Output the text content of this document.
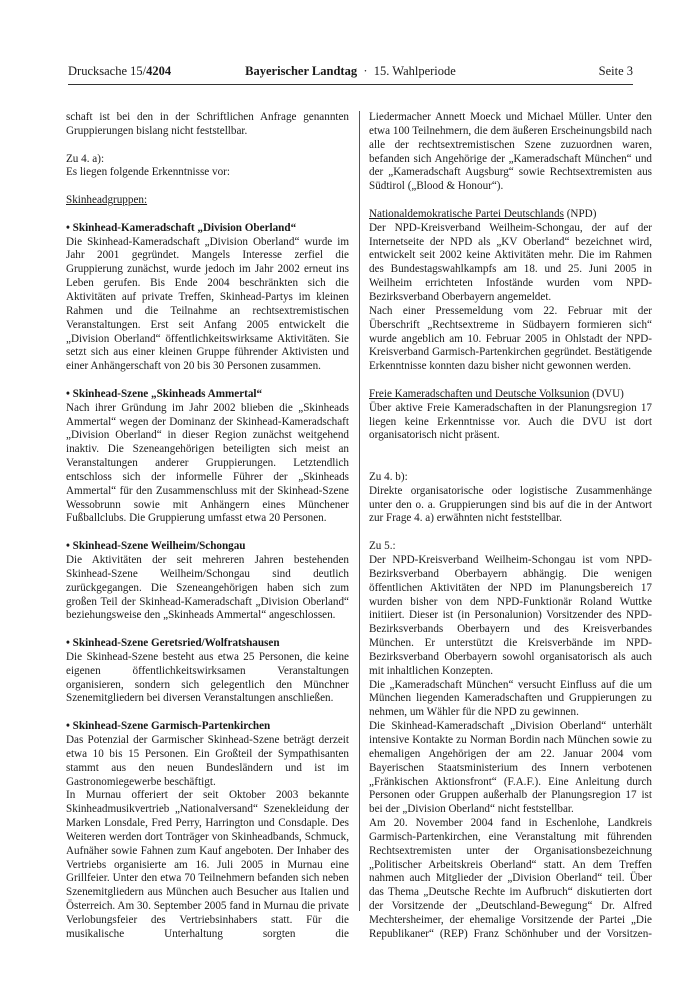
Drucksache 15/4204	Bayerischer Landtag · 15. Wahlperiode	Seite 3

schaft ist bei den in der Schriftlichen Anfrage genannten Gruppierungen bislang nicht feststellbar.

Zu 4. a):

Es liegen folgende Erkenntnisse vor:

Skinheadgruppen:

• Skinhead-Kameradschaft „Division Oberland“

Die Skinhead-Kameradschaft „Division Oberland“ wurde im Jahr 2001 gegründet. Mangels Interesse zerfiel die Gruppierung zunächst, wurde jedoch im Jahr 2002 erneut ins Leben gerufen. Bis Ende 2004 beschränkten sich die Aktivitäten auf private Treffen, Skinhead-Partys im kleinen Rahmen und die Teilnahme an rechtsextremistischen Veranstaltungen. Erst seit Anfang 2005 entwickelt die „Division Oberland“ öffentlichkeitswirksame Aktivitäten. Sie setzt sich aus einer kleinen Gruppe führender Aktivisten und einer Anhängerschaft von 20 bis 30 Personen zusammen.

• Skinhead-Szene „Skinheads Ammertal“

Nach ihrer Gründung im Jahr 2002 blieben die „Skinheads Ammertal“ wegen der Dominanz der Skinhead-Kameradschaft „Division Oberland“ in dieser Region zunächst weitgehend inaktiv. Die Szeneangehörigen beteiligten sich meist an Veranstaltungen anderer Gruppierungen. Letztendlich entschloss sich der informelle Führer der „Skinheads Ammertal“ für den Zusammenschluss mit der Skinhead-Szene Wessobrunn sowie mit Anhängern eines Münchener Fußballclubs. Die Gruppierung umfasst etwa 20 Personen.

• Skinhead-Szene Weilheim/Schongau

Die Aktivitäten der seit mehreren Jahren bestehenden Skinhead-Szene Weilheim/Schongau sind deutlich zurückgegangen. Die Szeneangehörigen haben sich zum großen Teil der Skinhead-Kameradschaft „Division Oberland“ beziehungsweise den „Skinheads Ammertal“ angeschlossen.

• Skinhead-Szene Geretsried/Wolfratshausen

Die Skinhead-Szene besteht aus etwa 25 Personen, die keine eigenen öffentlichkeitswirksamen Veranstaltungen organisieren, sondern sich gelegentlich den Münchner Szenemitgliedern bei diversen Veranstaltungen anschließen.

• Skinhead-Szene Garmisch-Partenkirchen

Das Potenzial der Garmischer Skinhead-Szene beträgt derzeit etwa 10 bis 15 Personen. Ein Großteil der Sympathisanten stammt aus den neuen Bundesländern und ist im Gastronomiegewerbe beschäftigt.

In Murnau offeriert der seit Oktober 2003 bekannte Skinheadmusikvertrieb „Nationalversand“ Szenekleidung der Marken Lonsdale, Fred Perry, Harrington und Consdaple. Des Weiteren werden dort Tonträger von Skinheadbands, Schmuck, Aufnäher sowie Fahnen zum Kauf angeboten. Der Inhaber des Vertriebs organisierte am 16. Juli 2005 in Murnau eine Grillfeier. Unter den etwa 70 Teilnehmern befanden sich neben Szenemitgliedern aus München auch Besucher aus Italien und Österreich. Am 30. September 2005 fand in Murnau die private Verlobungsfeier des Vertriebsinhabers statt. Für die musikalische Unterhaltung sorgten die

Liedermacher Annett Moeck und Michael Müller. Unter den etwa 100 Teilnehmern, die dem äußeren Erscheinungsbild nach alle der rechtsextremistischen Szene zuzuordnen waren, befanden sich Angehörige der „Kameradschaft München“ und der „Kameradschaft Augsburg“ sowie Rechtsextremisten aus Südtirol („Blood & Honour“).

Nationaldemokratische Partei Deutschlands (NPD)

Der NPD-Kreisverband Weilheim-Schongau, der auf der Internetseite der NPD als „KV Oberland“ bezeichnet wird, entwickelt seit 2002 keine Aktivitäten mehr. Die im Rahmen des Bundestagswahlkampfs am 18. und 25. Juni 2005 in Weilheim errichteten Infostände wurden vom NPD-Bezirksverband Oberbayern angemeldet.

Nach einer Pressemeldung vom 22. Februar mit der Überschrift „Rechtsextreme in Südbayern formieren sich“ wurde angeblich am 10. Februar 2005 in Ohlstadt der NPD-Kreisverband Garmisch-Partenkirchen gegründet. Bestätigende Erkenntnisse konnten dazu bisher nicht gewonnen werden.

Freie Kameradschaften und Deutsche Volksunion (DVU)

Über aktive Freie Kameradschaften in der Planungsregion 17 liegen keine Erkenntnisse vor. Auch die DVU ist dort organisatorisch nicht präsent.

Zu 4. b):

Direkte organisatorische oder logistische Zusammenhänge unter den o. a. Gruppierungen sind bis auf die in der Antwort zur Frage 4. a) erwähnten nicht feststellbar.

Zu 5.:

Der NPD-Kreisverband Weilheim-Schongau ist vom NPD-Bezirksverband Oberbayern abhängig. Die wenigen öffentlichen Aktivitäten der NPD im Planungsbereich 17 wurden bisher von dem NPD-Funktionär Roland Wuttke initiiert. Dieser ist (in Personalunion) Vorsitzender des NPD-Bezirksverbands Oberbayern und des Kreisverbandes München. Er unterstützt die Kreisverbände im NPD-Bezirksverband Oberbayern sowohl organisatorisch als auch mit inhaltlichen Konzepten.

Die „Kameradschaft München“ versucht Einfluss auf die um München liegenden Kameradschaften und Gruppierungen zu nehmen, um Wähler für die NPD zu gewinnen.

Die Skinhead-Kameradschaft „Division Oberland“ unterhält intensive Kontakte zu Norman Bordin nach München sowie zu ehemaligen Angehörigen der am 22. Januar 2004 vom Bayerischen Staatsministerium des Innern verbotenen „Fränkischen Aktionsfront“ (F.A.F.). Eine Anleitung durch Personen oder Gruppen außerhalb der Planungsregion 17 ist bei der „Division Oberland“ nicht feststellbar.

Am 20. November 2004 fand in Eschenlohe, Landkreis Garmisch-Partenkirchen, eine Veranstaltung mit führenden Rechtsextremisten unter der Organisationsbezeichnung „Politischer Arbeitskreis Oberland“ statt. An dem Treffen nahmen auch Mitglieder der „Division Oberland“ teil. Über das Thema „Deutsche Rechte im Aufbruch“ diskutierten dort der Vorsitzende der „Deutschland-Bewegung“ Dr. Alfred Mechtersheimer, der ehemalige Vorsitzende der Partei „Die Republikaner“ (REP) Franz Schönhuber und der Vorsitzen-
